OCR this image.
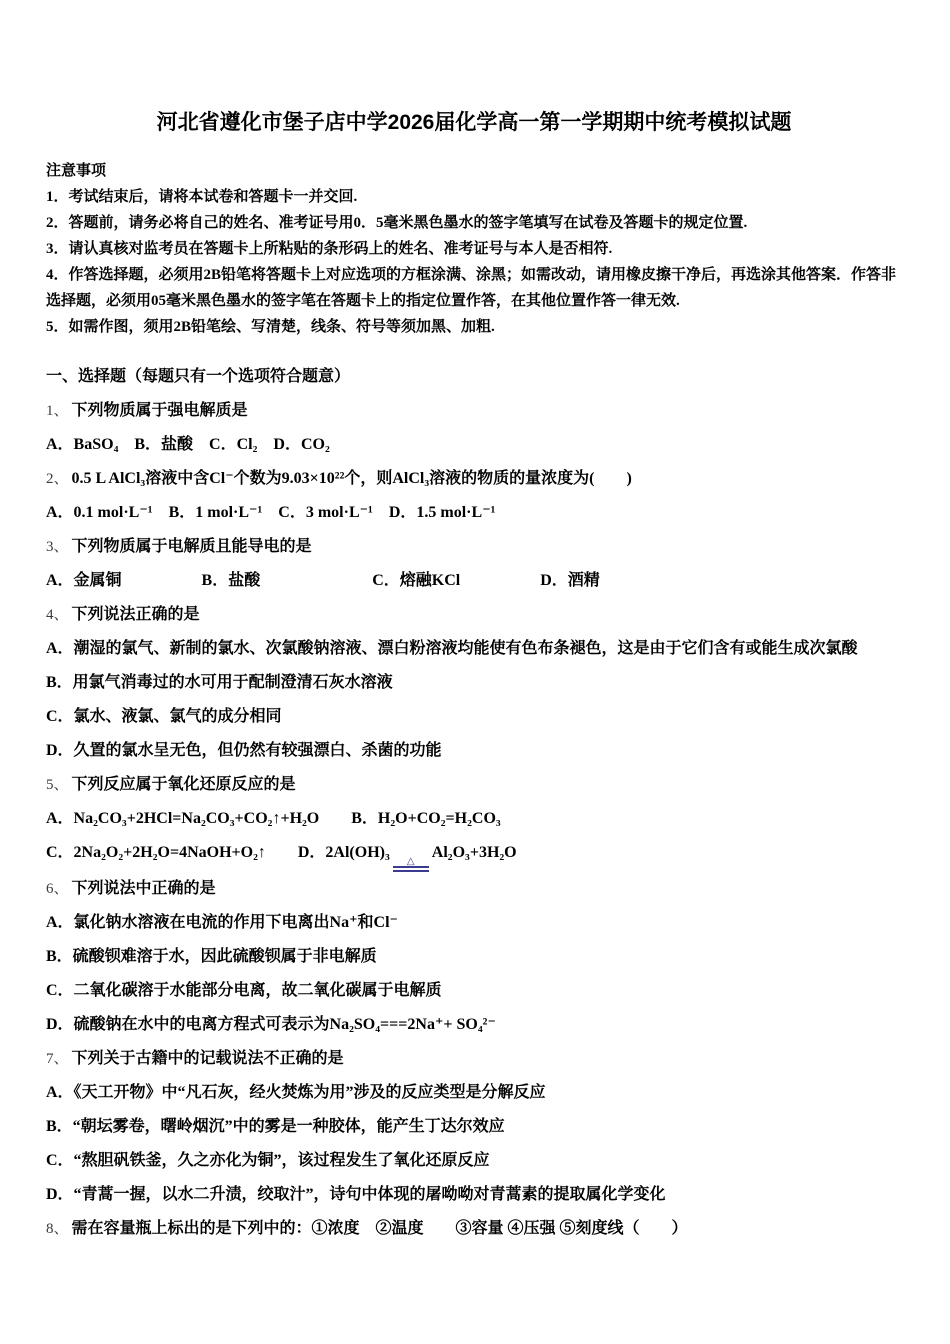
河北省遵化市堡子店中学2026届化学高一第一学期期中统考模拟试题

注意事项

1．考试结束后，请将本试卷和答题卡一并交回.

2．答题前，请务必将自己的姓名、准考证号用0．5毫米黑色墨水的签字笔填写在试卷及答题卡的规定位置.

3．请认真核对监考员在答题卡上所粘贴的条形码上的姓名、准考证号与本人是否相符.

4．作答选择题，必须用2B铅笔将答题卡上对应选项的方框涂满、涂黑；如需改动，请用橡皮擦干净后，再选涂其他答案．作答非选择题，必须用05毫米黑色墨水的签字笔在答题卡上的指定位置作答，在其他位置作答一律无效.

5．如需作图，须用2B铅笔绘、写清楚，线条、符号等须加黑、加粗.

一、选择题（每题只有一个选项符合题意）

1、 下列物质属于强电解质是

A．BaSO₄　B．盐酸　C．Cl₂　D．CO₂

2、 0.5 L AlCl₃溶液中含Cl⁻个数为9.03×10²²个，则AlCl₃溶液的物质的量浓度为(　　)

A．0.1 mol·L⁻¹　B．1 mol·L⁻¹　C．3 mol·L⁻¹　D．1.5 mol·L⁻¹

3、 下列物质属于电解质且能导电的是

A．金属铜　　　　　B．盐酸　　　　　　　C．熔融KCl　　　　　D．酒精

4、 下列说法正确的是

A．潮湿的氯气、新制的氯水、次氯酸钠溶液、漂白粉溶液均能使有色布条褪色，这是由于它们含有或能生成次氯酸

B．用氯气消毒过的水可用于配制澄清石灰水溶液

C．氯水、液氯、氯气的成分相同

D．久置的氯水呈无色，但仍然有较强漂白、杀菌的功能

5、 下列反应属于氧化还原反应的是

A．Na₂CO₃+2HCl=Na₂CO₃+CO₂↑+H₂O　　B．H₂O+CO₂=H₂CO₃

C．2Na₂O₂+2H₂O=4NaOH+O₂↑　　D．2Al(OH)₃
△
Al₂O₃+3H₂O

6、 下列说法中正确的是

A．氯化钠水溶液在电流的作用下电离出Na⁺和Cl⁻

B．硫酸钡难溶于水，因此硫酸钡属于非电解质

C．二氧化碳溶于水能部分电离，故二氧化碳属于电解质

D．硫酸钠在水中的电离方程式可表示为Na₂SO₄===2Na⁺+ SO₄²⁻

7、 下列关于古籍中的记载说法不正确的是

A．《天工开物》中“凡石灰，经火焚炼为用”涉及的反应类型是分解反应

B．“朝坛雾卷，曙岭烟沉”中的雾是一种胶体，能产生丁达尔效应

C．“熬胆矾铁釜，久之亦化为铜”，该过程发生了氧化还原反应

D．“青蒿一握，以水二升渍，绞取汁”，诗句中体现的屠呦呦对青蒿素的提取属化学变化

8、 需在容量瓶上标出的是下列中的：①浓度　②温度　　③容量 ④压强 ⑤刻度线（　　）
